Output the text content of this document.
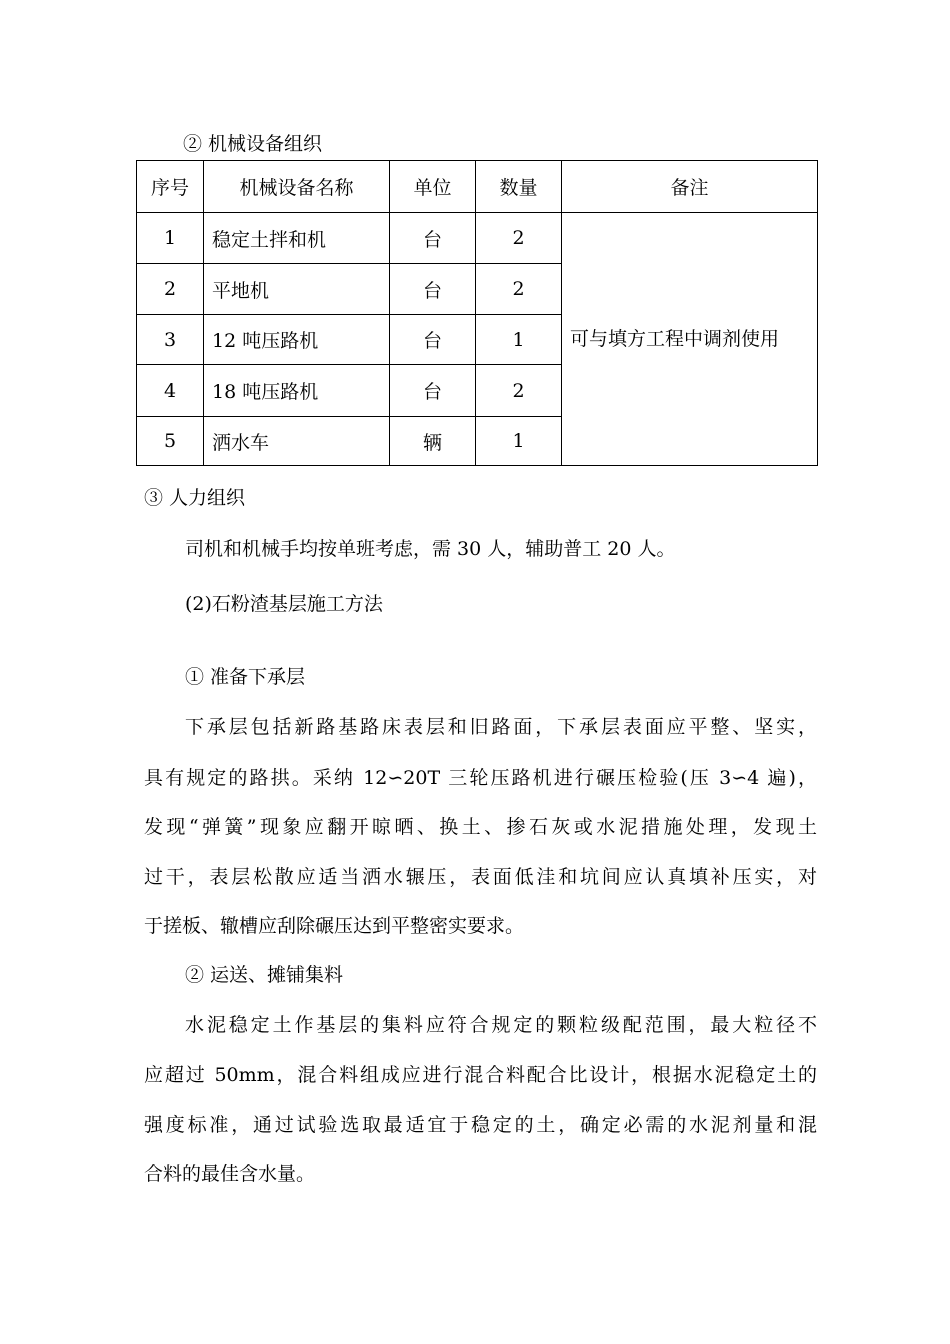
② 机械设备组织
序号	机械设备名称	单位	数量	备注
1	稳定土拌和机	台	2	可与填方工程中调剂使用
2	平地机	台	2	
3	12 吨压路机	台	1	
4	18 吨压路机	台	2	
5	洒水车	辆	1	
③ 人力组织
司机和机械手均按单班考虑，需 30 人，辅助普工 20 人。
(2)石粉渣基层施工方法
① 准备下承层
下承层包括新路基路床表层和旧路面，下承层表面应平整、坚实，
具有规定的路拱。采纳 12∽20T 三轮压路机进行碾压检验(压 3∽4 遍)，
发现“弹簧”现象应翻开晾晒、换土、掺石灰或水泥措施处理，发现土
过干，表层松散应适当洒水辗压，表面低洼和坑间应认真填补压实，对
于搓板、辙槽应刮除碾压达到平整密实要求。
② 运送、摊铺集料
水泥稳定土作基层的集料应符合规定的颗粒级配范围，最大粒径不
应超过 50mm，混合料组成应进行混合料配合比设计，根据水泥稳定土的
强度标准，通过试验选取最适宜于稳定的土，确定必需的水泥剂量和混
合料的最佳含水量。
